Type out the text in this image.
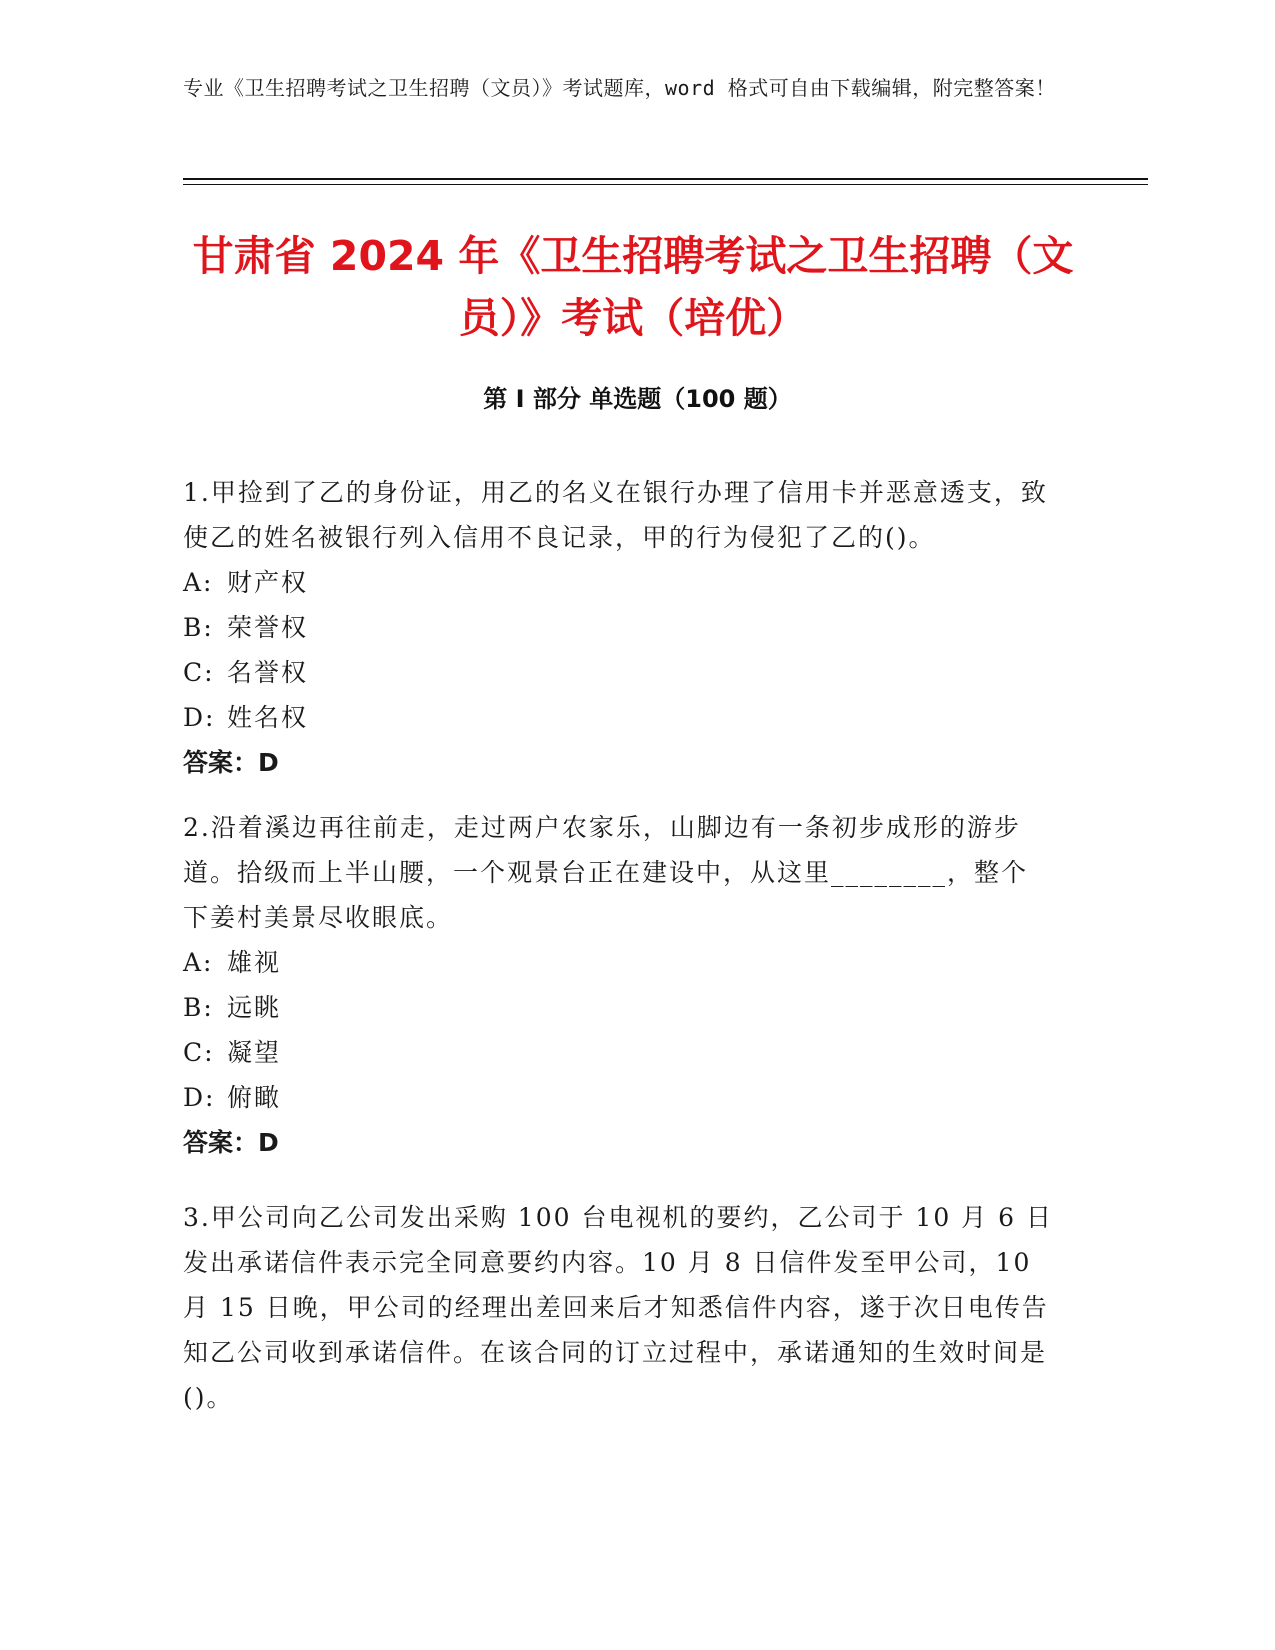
专业《卫生招聘考试之卫生招聘（文员）》考试题库，word 格式可自由下载编辑，附完整答案！
甘肃省 2024 年《卫生招聘考试之卫生招聘（文员）》考试（培优）
第 I 部分 单选题（100 题）
1.甲捡到了乙的身份证，用乙的名义在银行办理了信用卡并恶意透支，致使乙的姓名被银行列入信用不良记录，甲的行为侵犯了乙的()。
A: 财产权
B: 荣誉权
C: 名誉权
D: 姓名权
答案：D
2.沿着溪边再往前走，走过两户农家乐，山脚边有一条初步成形的游步道。拾级而上半山腰，一个观景台正在建设中，从这里________，整个下姜村美景尽收眼底。
A: 雄视
B: 远眺
C: 凝望
D: 俯瞰
答案：D
3.甲公司向乙公司发出采购 100 台电视机的要约，乙公司于 10 月 6 日发出承诺信件表示完全同意要约内容。10 月 8 日信件发至甲公司，10 月 15 日晚，甲公司的经理出差回来后才知悉信件内容，遂于次日电传告知乙公司收到承诺信件。在该合同的订立过程中，承诺通知的生效时间是()。
